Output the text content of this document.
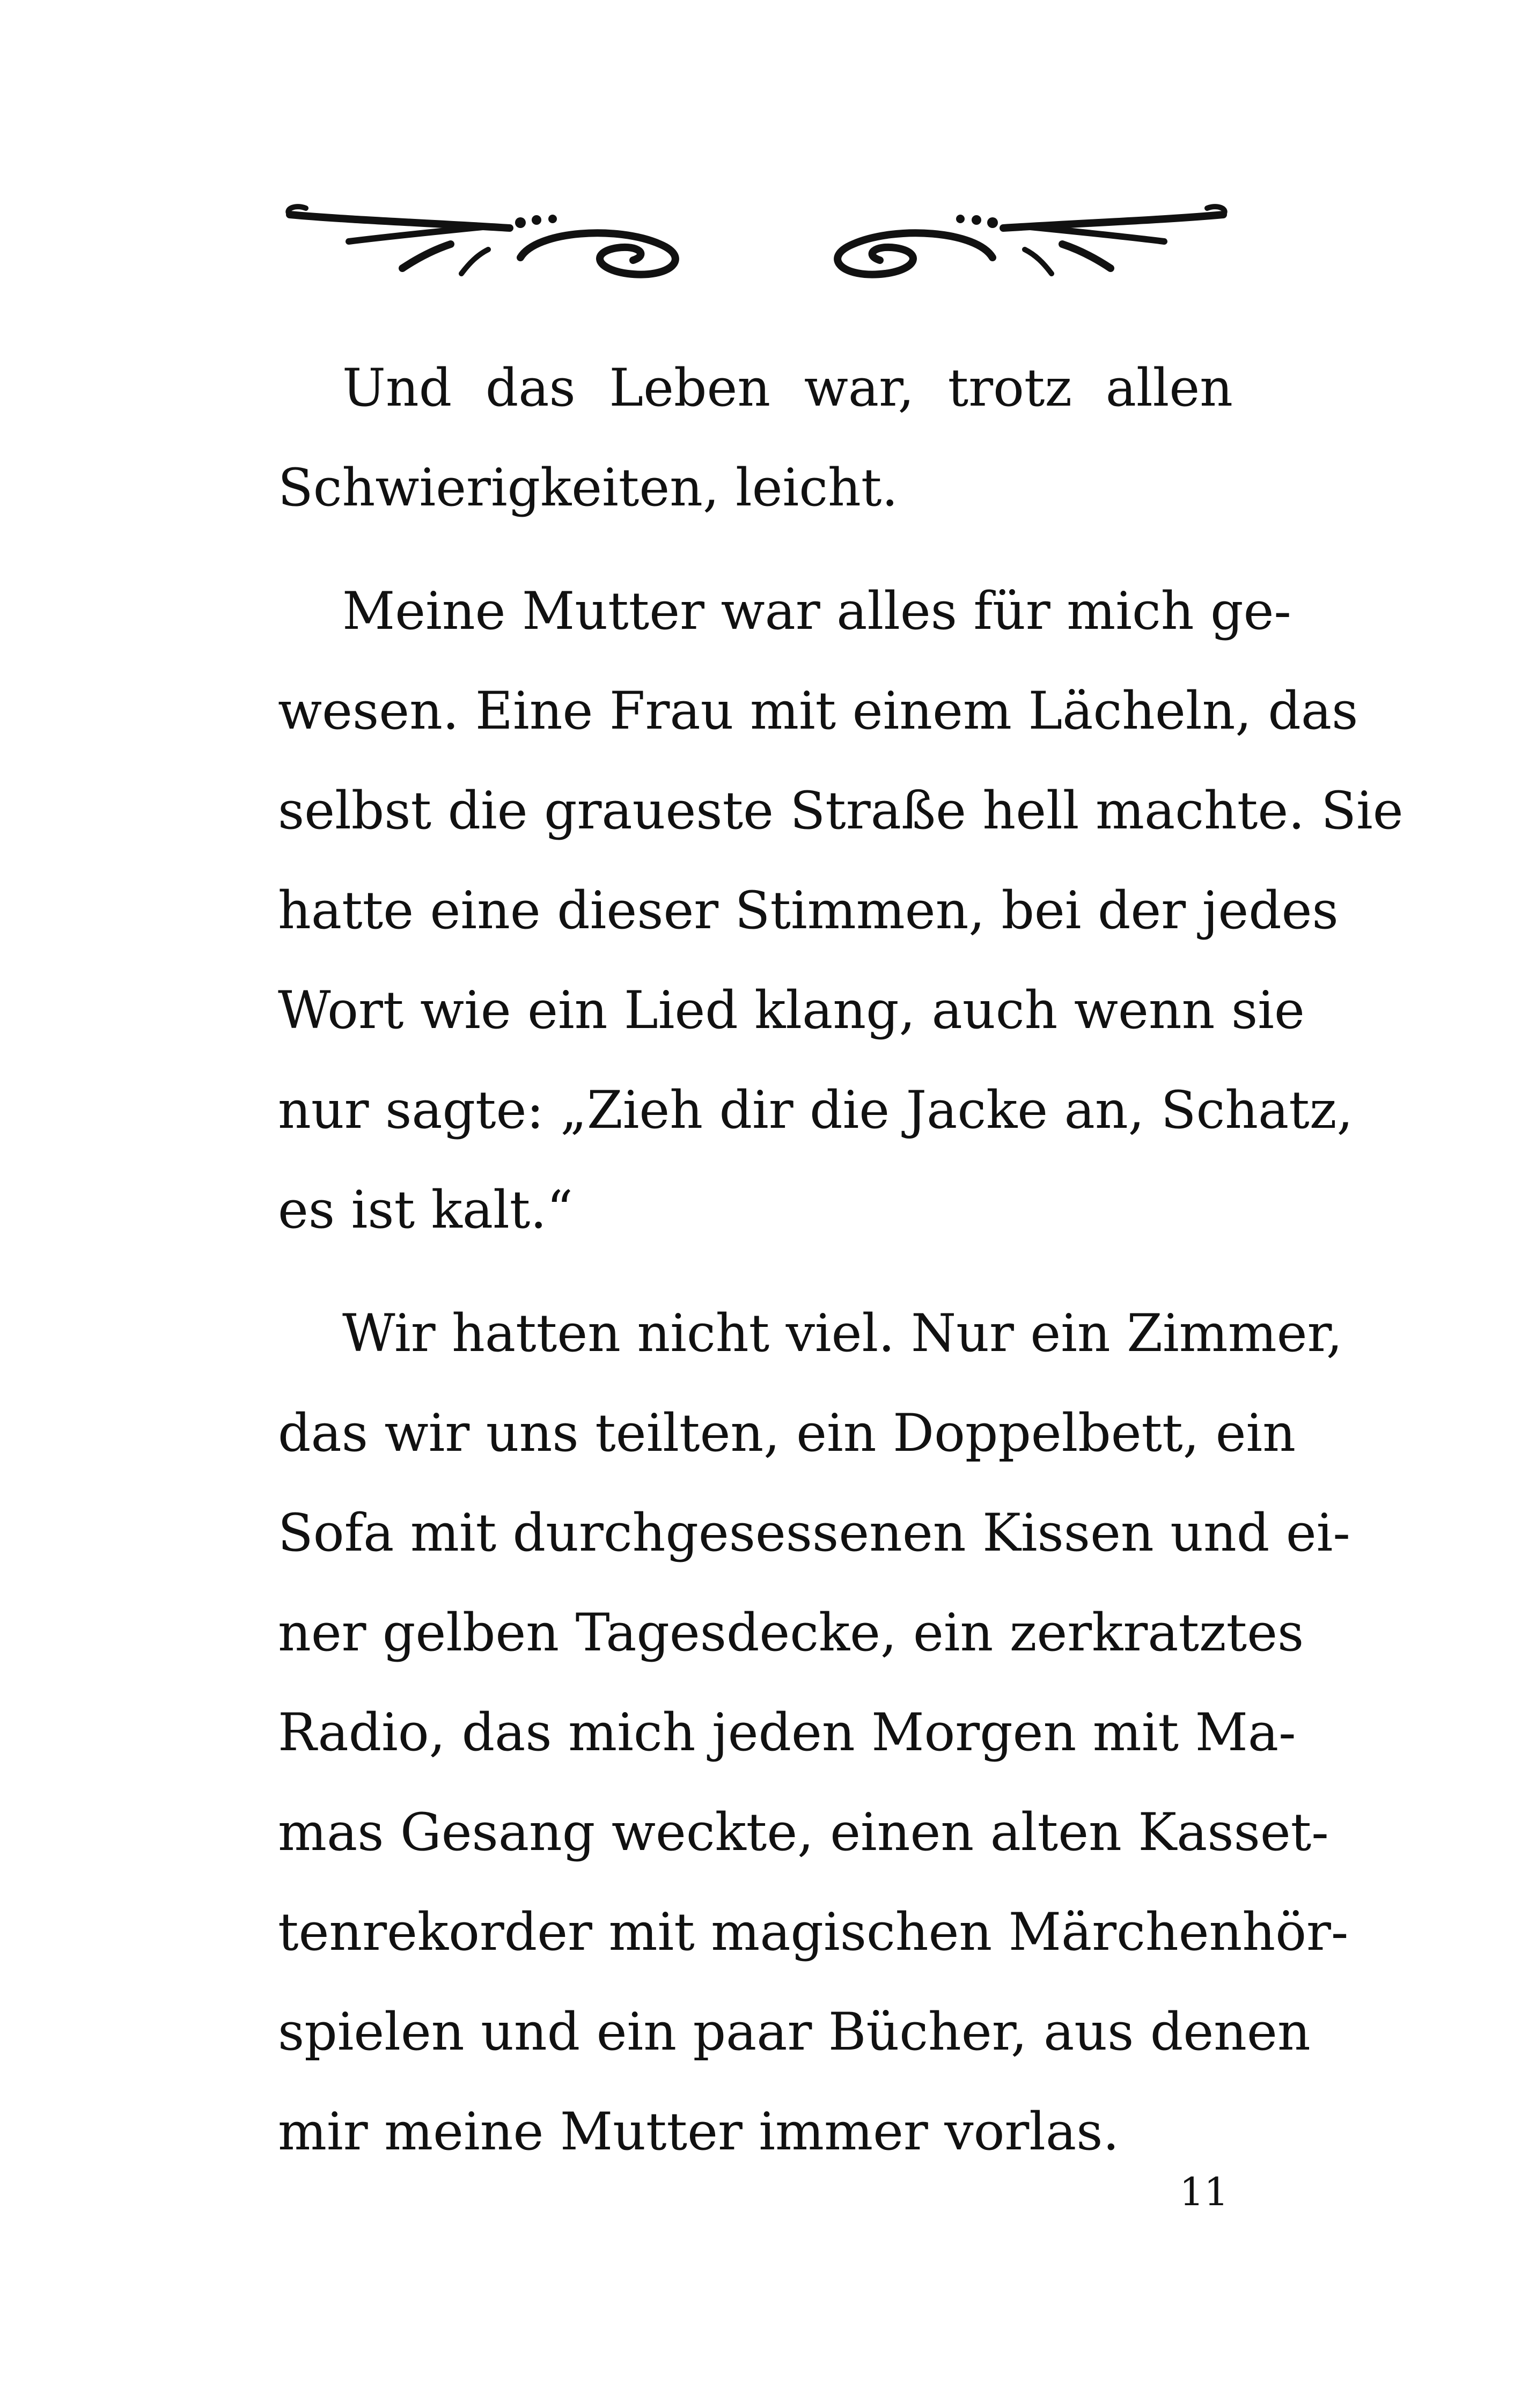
Und das Leben war, trotz allen
Schwierigkeiten, leicht.
Meine Mutter war alles für mich ge-
wesen. Eine Frau mit einem Lächeln, das
selbst die graueste Straße hell machte. Sie
hatte eine dieser Stimmen, bei der jedes
Wort wie ein Lied klang, auch wenn sie
nur sagte: „Zieh dir die Jacke an, Schatz,
es ist kalt.“
Wir hatten nicht viel. Nur ein Zimmer,
das wir uns teilten, ein Doppelbett, ein
Sofa mit durchgesessenen Kissen und ei-
ner gelben Tagesdecke, ein zerkratztes
Radio, das mich jeden Morgen mit Ma-
mas Gesang weckte, einen alten Kasset-
tenrekorder mit magischen Märchenhör-
spielen und ein paar Bücher, aus denen
mir meine Mutter immer vorlas.
11
